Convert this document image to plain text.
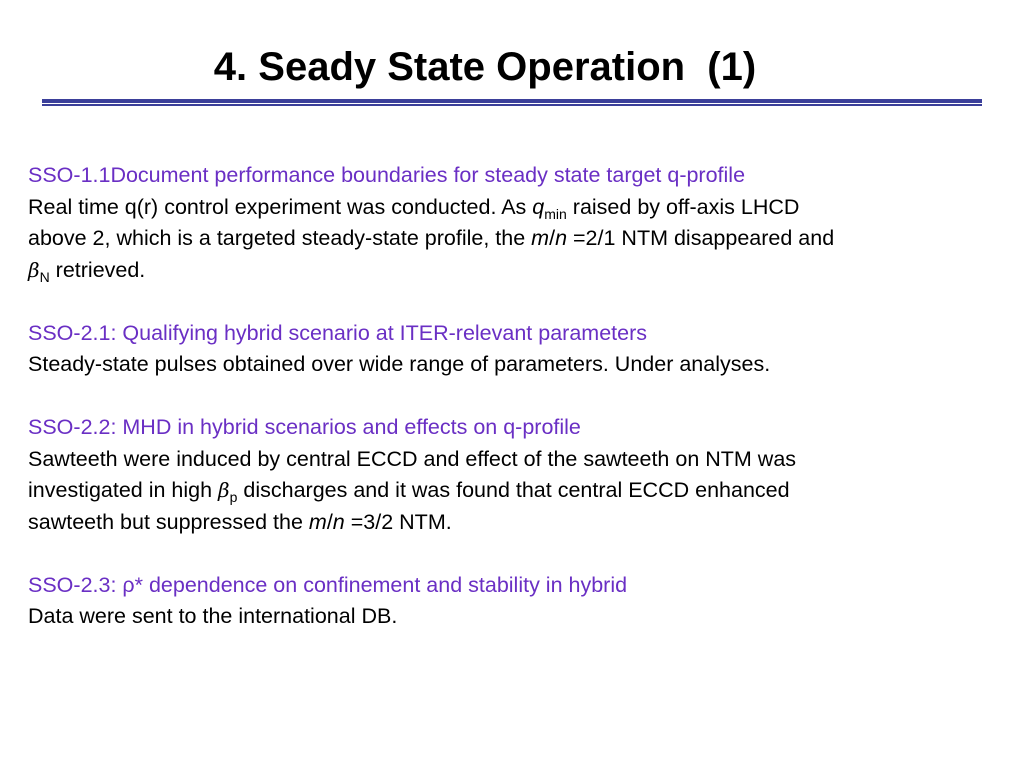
4. Seady State Operation  (1)
SSO-1.1Document performance boundaries for steady state target q-profile
Real time q(r) control experiment was conducted. As $q_{min}$ raised by off-axis LHCD
above 2, which is a targeted steady-state profile, the m/n =2/1 NTM disappeared and
$\beta_N$ retrieved.
SSO-2.1: Qualifying hybrid scenario at ITER-relevant parameters
Steady-state pulses obtained over wide range of parameters. Under analyses.
SSO-2.2: MHD in hybrid scenarios and effects on q-profile
Sawteeth were induced by central ECCD and effect of the sawteeth on NTM was
investigated in high $\beta_p$ discharges and it was found that central ECCD enhanced
sawteeth but suppressed the m/n =3/2 NTM.
SSO-2.3: ρ* dependence on confinement and stability in hybrid
Data were sent to the international DB.
